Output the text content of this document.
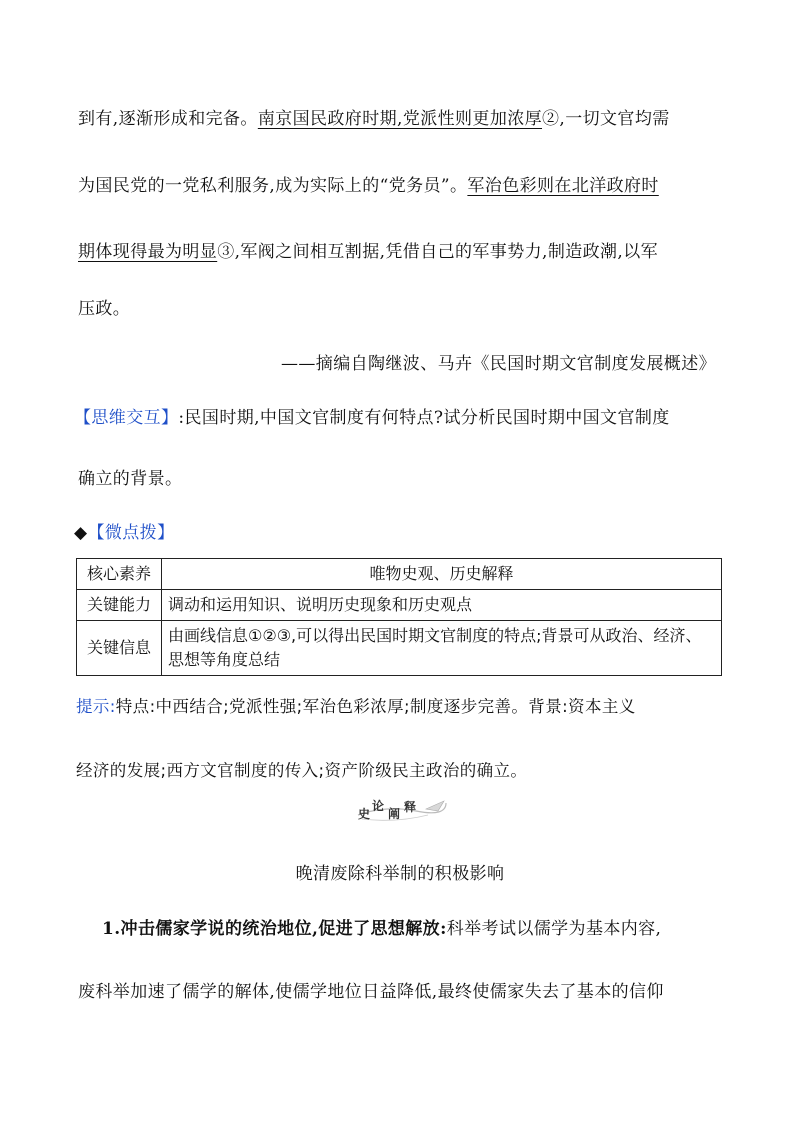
到有,逐渐形成和完备。南京国民政府时期,党派性则更加浓厚②,一切文官均需
为国民党的一党私利服务,成为实际上的“党务员”。军治色彩则在北洋政府时
期体现得最为明显③,军阀之间相互割据,凭借自己的军事势力,制造政潮,以军
压政。
——摘编自陶继波、马卉《民国时期文官制度发展概述》
【思维交互】:民国时期,中国文官制度有何特点?试分析民国时期中国文官制度
确立的背景。
◆【微点拨】
核心素养	唯物史观、历史解释
关键能力	调动和运用知识、说明历史现象和历史观点
关键信息	由画线信息①②③,可以得出民国时期文官制度的特点;背景可从政治、经济、思想等角度总结
提示:特点:中西结合;党派性强;军治色彩浓厚;制度逐步完善。背景:资本主义
经济的发展;西方文官制度的传入;资产阶级民主政治的确立。
史
论
阐 释
晚清废除科举制的积极影响
1.冲击儒家学说的统治地位,促进了思想解放:科举考试以儒学为基本内容,
废科举加速了儒学的解体,使儒学地位日益降低,最终使儒家失去了基本的信仰
